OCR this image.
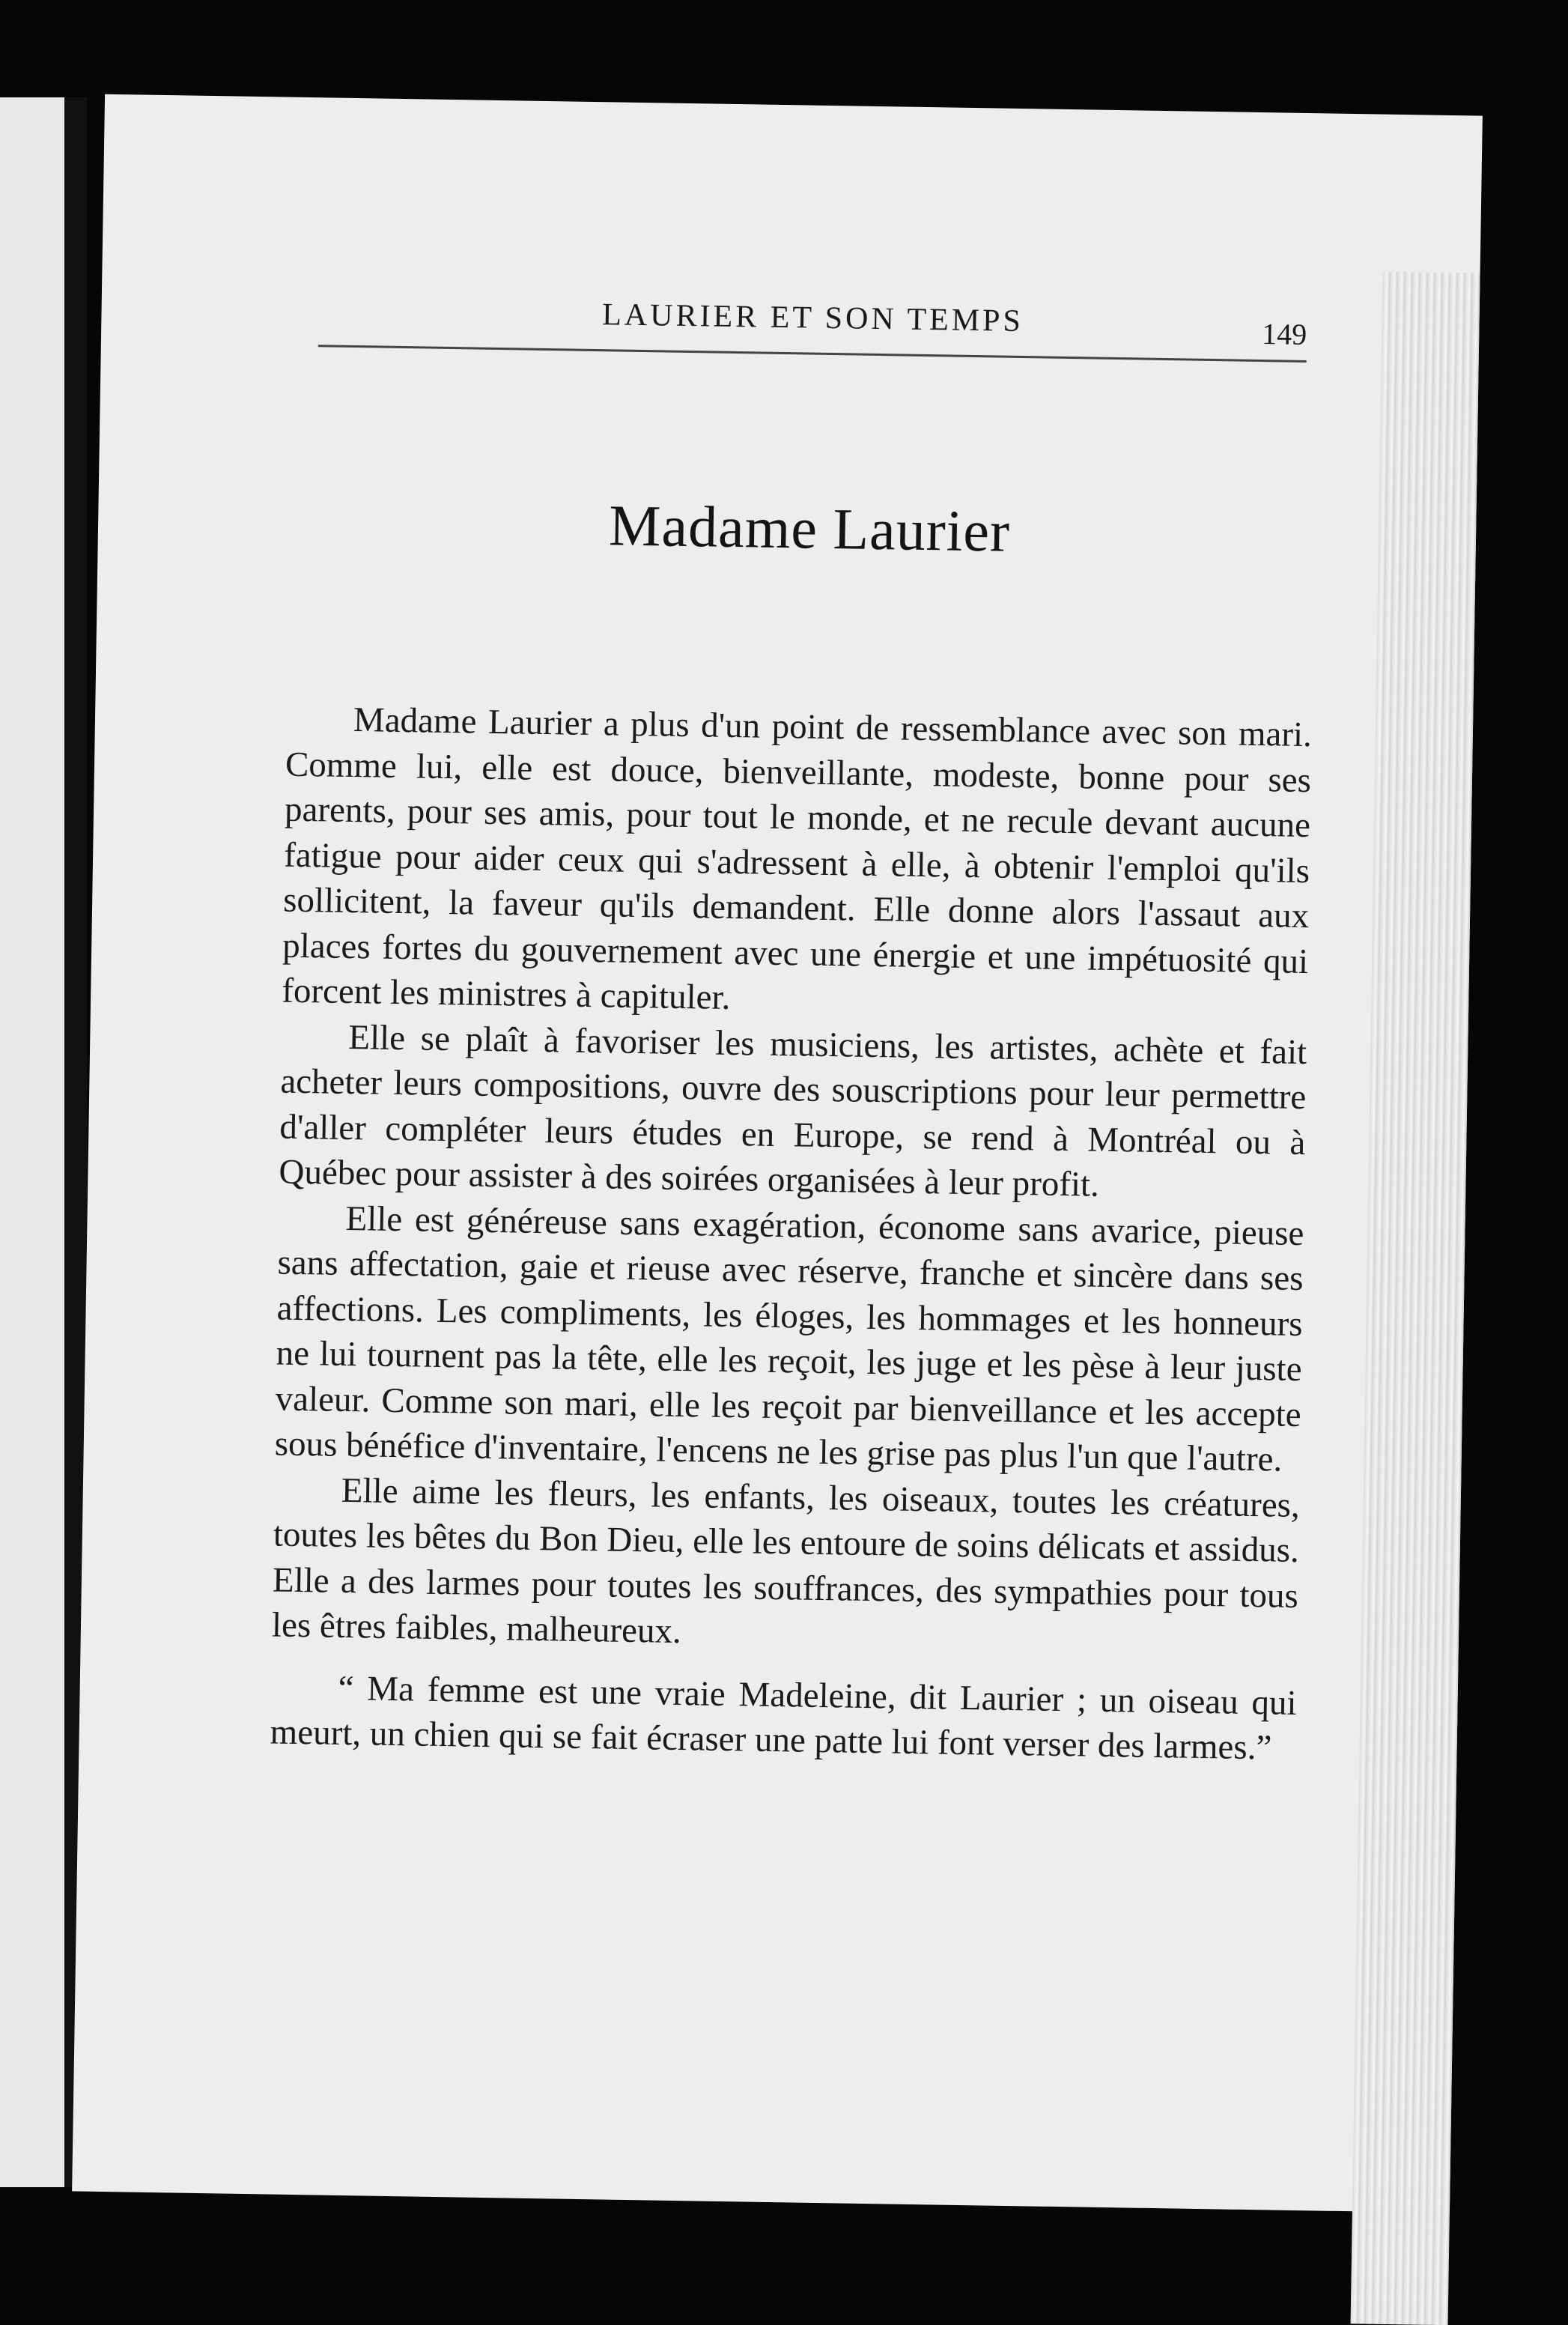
LAURIER ET SON TEMPS	149
Madame Laurier

Madame Laurier a plus d'un point de ressemblance avec son mari. Comme lui, elle est douce, bienveillante, modeste, bonne pour ses parents, pour ses amis, pour tout le monde, et ne recule devant aucune fatigue pour aider ceux qui s'adressent à elle, à obtenir l'emploi qu'ils sollicitent, la faveur qu'ils demandent. Elle donne alors l'assaut aux places fortes du gouvernement avec une énergie et une impétuosité qui forcent les ministres à capituler.

Elle se plaît à favoriser les musiciens, les artistes, achète et fait acheter leurs compositions, ouvre des souscriptions pour leur permettre d'aller compléter leurs études en Europe, se rend à Montréal ou à Québec pour assister à des soirées organisées à leur profit.

Elle est généreuse sans exagération, économe sans avarice, pieuse sans affectation, gaie et rieuse avec réserve, franche et sincère dans ses affections. Les compliments, les éloges, les hommages et les honneurs ne lui tournent pas la tête, elle les reçoit, les juge et les pèse à leur juste valeur. Comme son mari, elle les reçoit par bienveillance et les accepte sous bénéfice d'inventaire, l'encens ne les grise pas plus l'un que l'autre.

Elle aime les fleurs, les enfants, les oiseaux, toutes les créatures, toutes les bêtes du Bon Dieu, elle les entoure de soins délicats et assidus. Elle a des larmes pour toutes les souffrances, des sympathies pour tous les êtres faibles, malheureux.

“ Ma femme est une vraie Madeleine, dit Laurier ; un oiseau qui meurt, un chien qui se fait écraser une patte lui font verser des larmes.”
